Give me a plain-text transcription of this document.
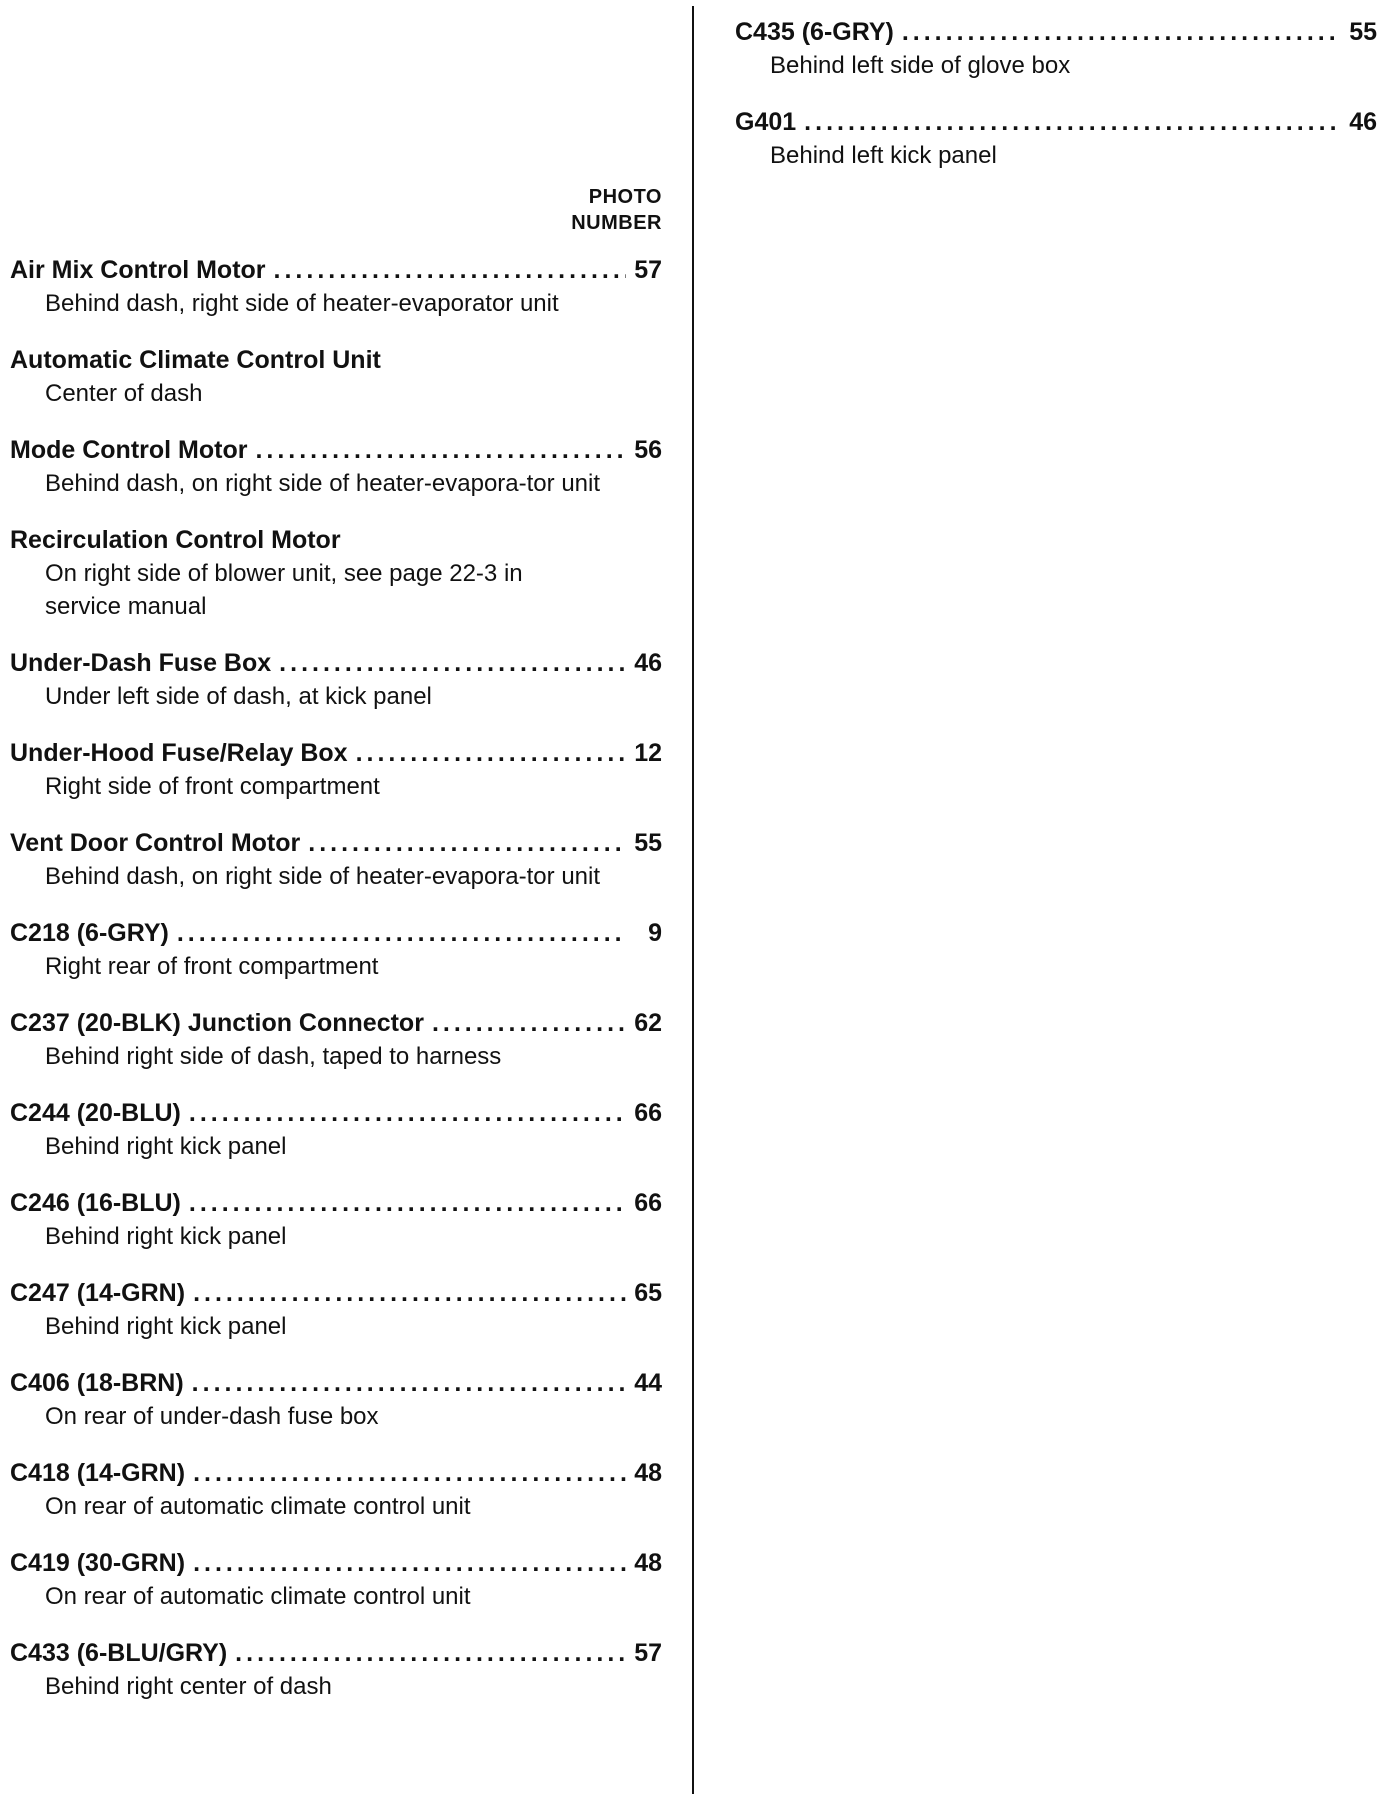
PHOTO
NUMBER
Air Mix Control Motor .....	57
Behind dash, right side of heater-evaporator unit
Automatic Climate Control Unit
Center of dash
Mode Control Motor .....	56
Behind dash, on right side of heater-evapora-tor unit
Recirculation Control Motor
On right side of blower unit, see page 22-3 in service manual
Under-Dash Fuse Box .....	46
Under left side of dash, at kick panel
Under-Hood Fuse/Relay Box .....	12
Right side of front compartment
Vent Door Control Motor .....	55
Behind dash, on right side of heater-evapora-tor unit
C218 (6-GRY) .....	9
Right rear of front compartment
C237 (20-BLK) Junction Connector .....	62
Behind right side of dash, taped to harness
C244 (20-BLU) .....	66
Behind right kick panel
C246 (16-BLU) .....	66
Behind right kick panel
C247 (14-GRN) .....	65
Behind right kick panel
C406 (18-BRN) .....	44
On rear of under-dash fuse box
C418 (14-GRN) .....	48
On rear of automatic climate control unit
C419 (30-GRN) .....	48
On rear of automatic climate control unit
C433 (6-BLU/GRY) .....	57
Behind right center of dash
C435 (6-GRY) .....	55
Behind left side of glove box
G401 .....	46
Behind left kick panel
